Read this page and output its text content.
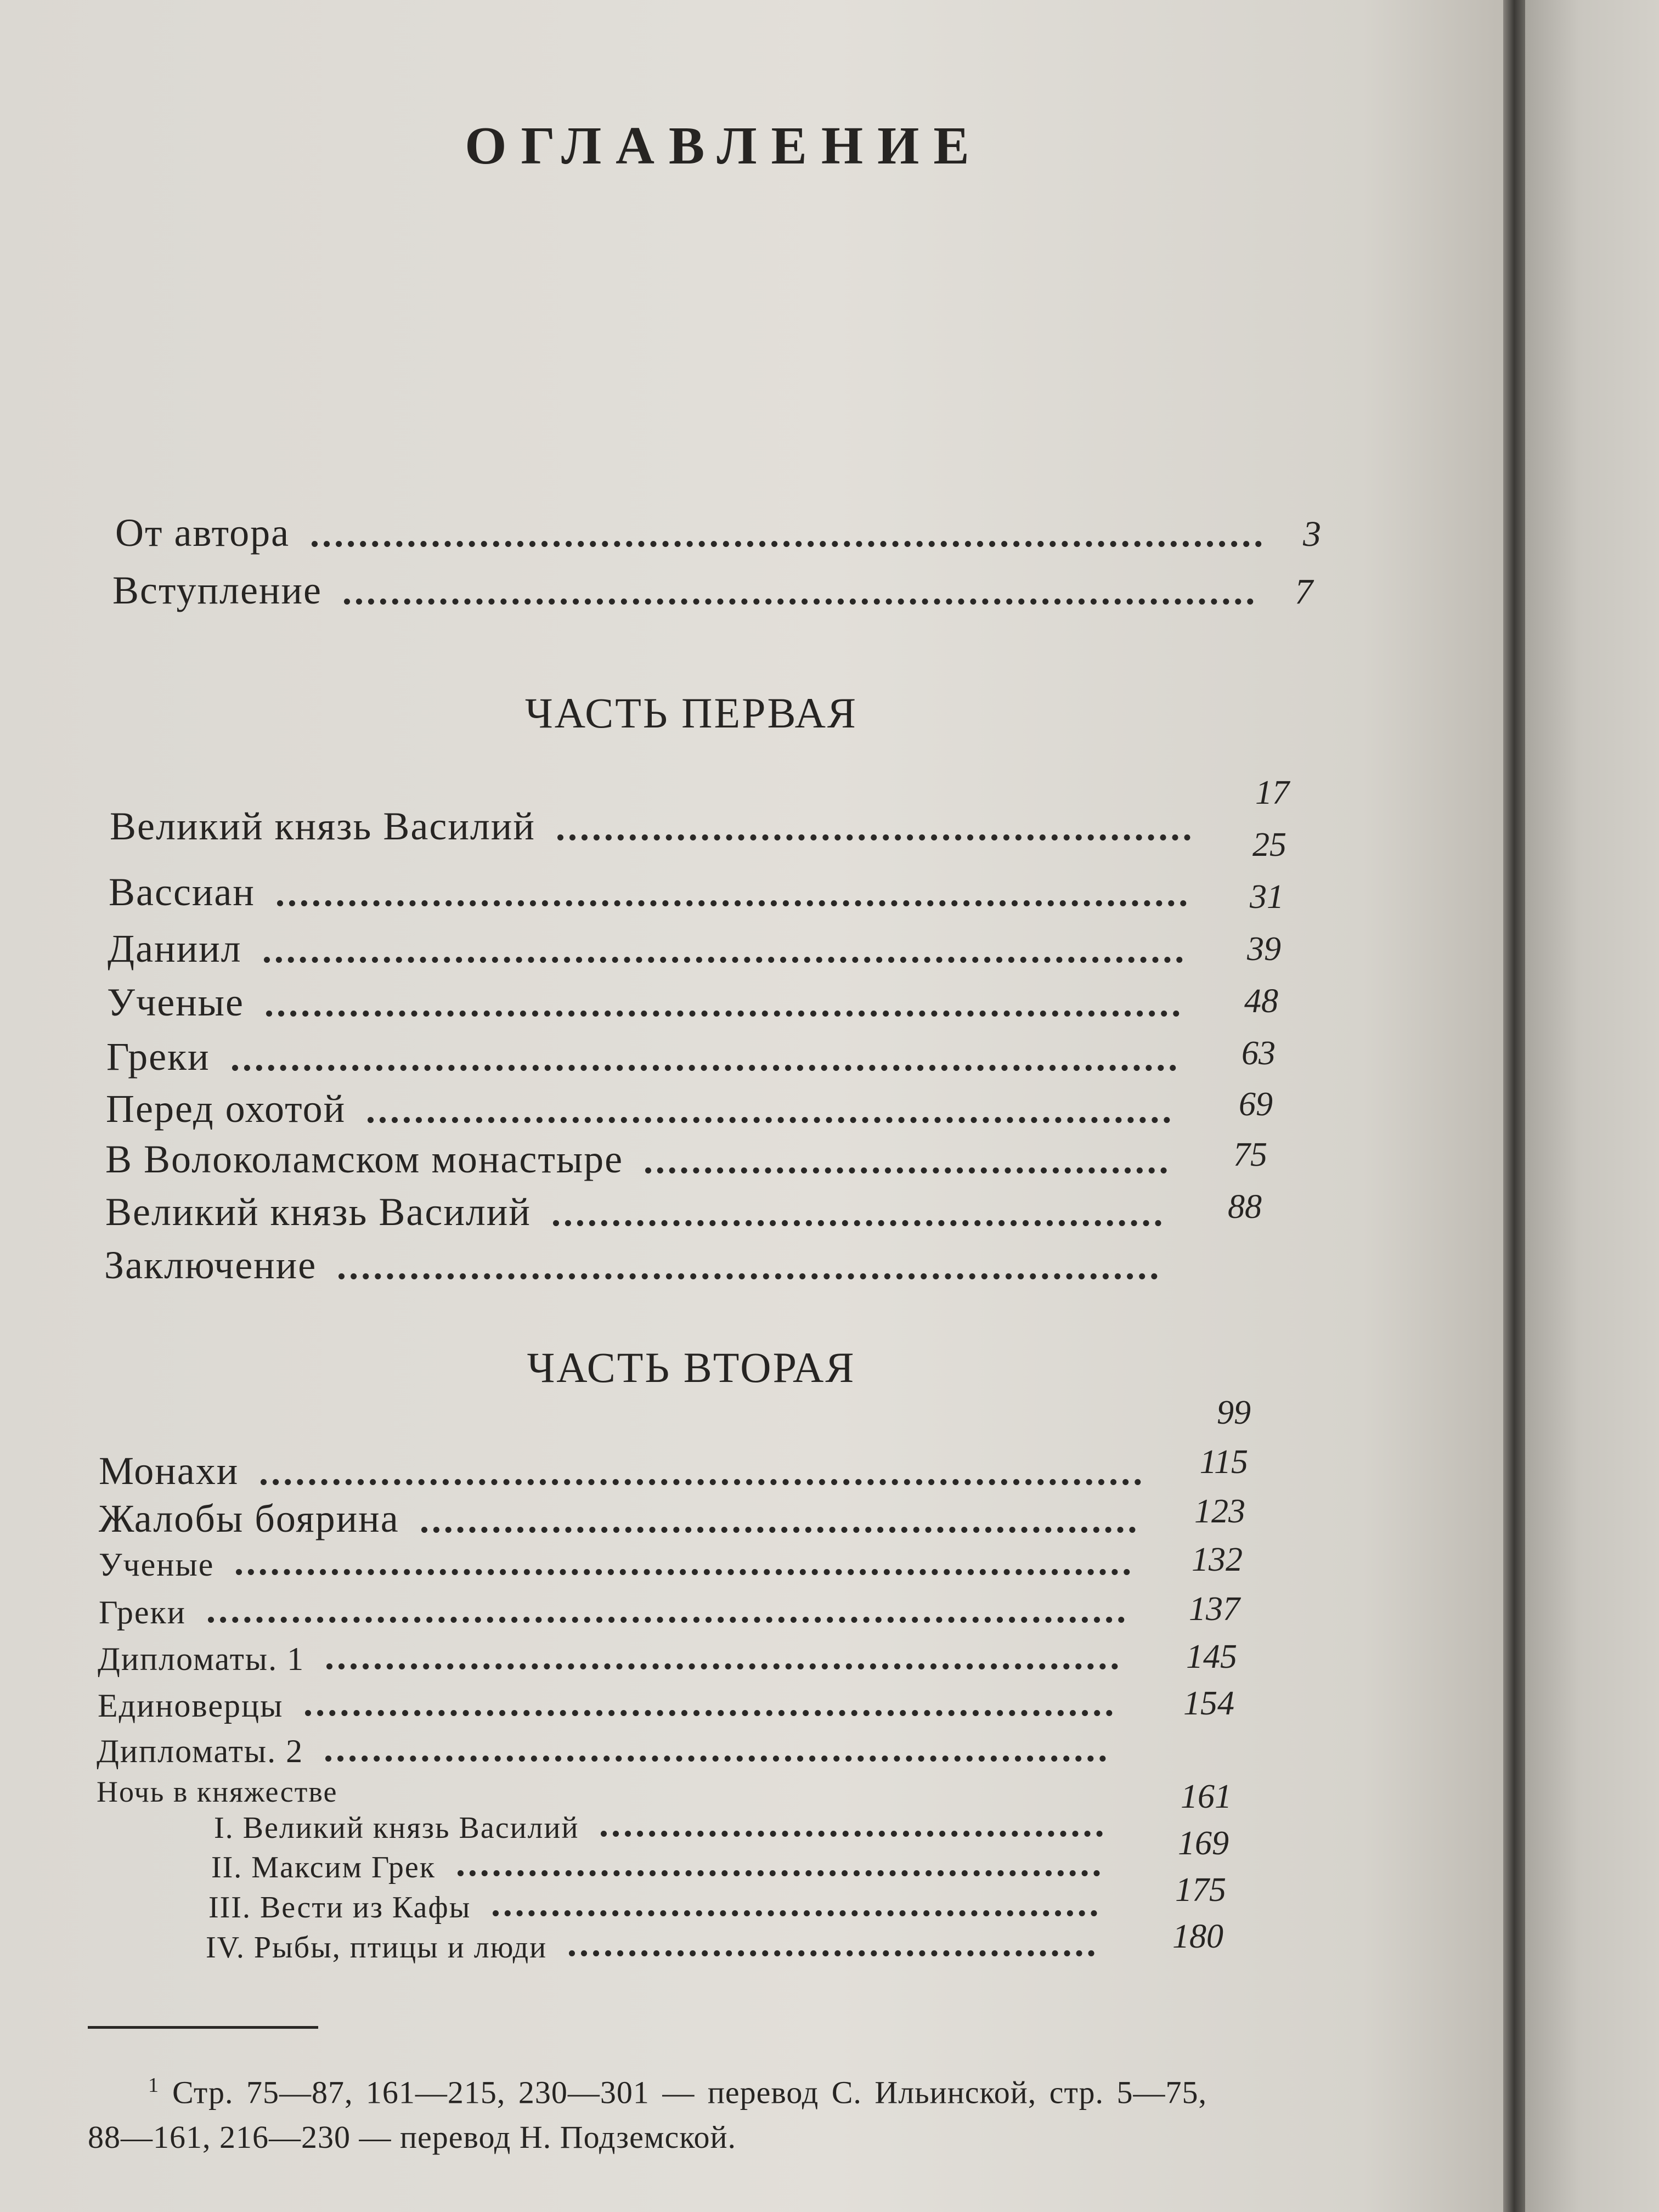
ОГЛАВЛЕНИЕ
От автора	3
Вступление	7
ЧАСТЬ ПЕРВАЯ
Великий князь Василий
Вассиан
Даниил
Ученые
Греки
Перед охотой
В Волоколамском монастыре
Великий князь Василий
Заключение
17
25
31
39
48
63
69
75
88
ЧАСТЬ ВТОРАЯ
Монахи
Жалобы боярина
Ученые
Греки
Дипломаты. 1
Единоверцы
Дипломаты. 2
Ночь в княжестве
I. Великий князь Василий
II. Максим Грек
III. Вести из Кафы
IV. Рыбы, птицы и люди
99
115
123
132
137
145
154
161
169
175
180
$^1$ Стр. 75—87, 161—215, 230—301 — перевод С. Ильинской, стр. 5—75, 88—161, 216—230 — перевод Н. Подземской.
